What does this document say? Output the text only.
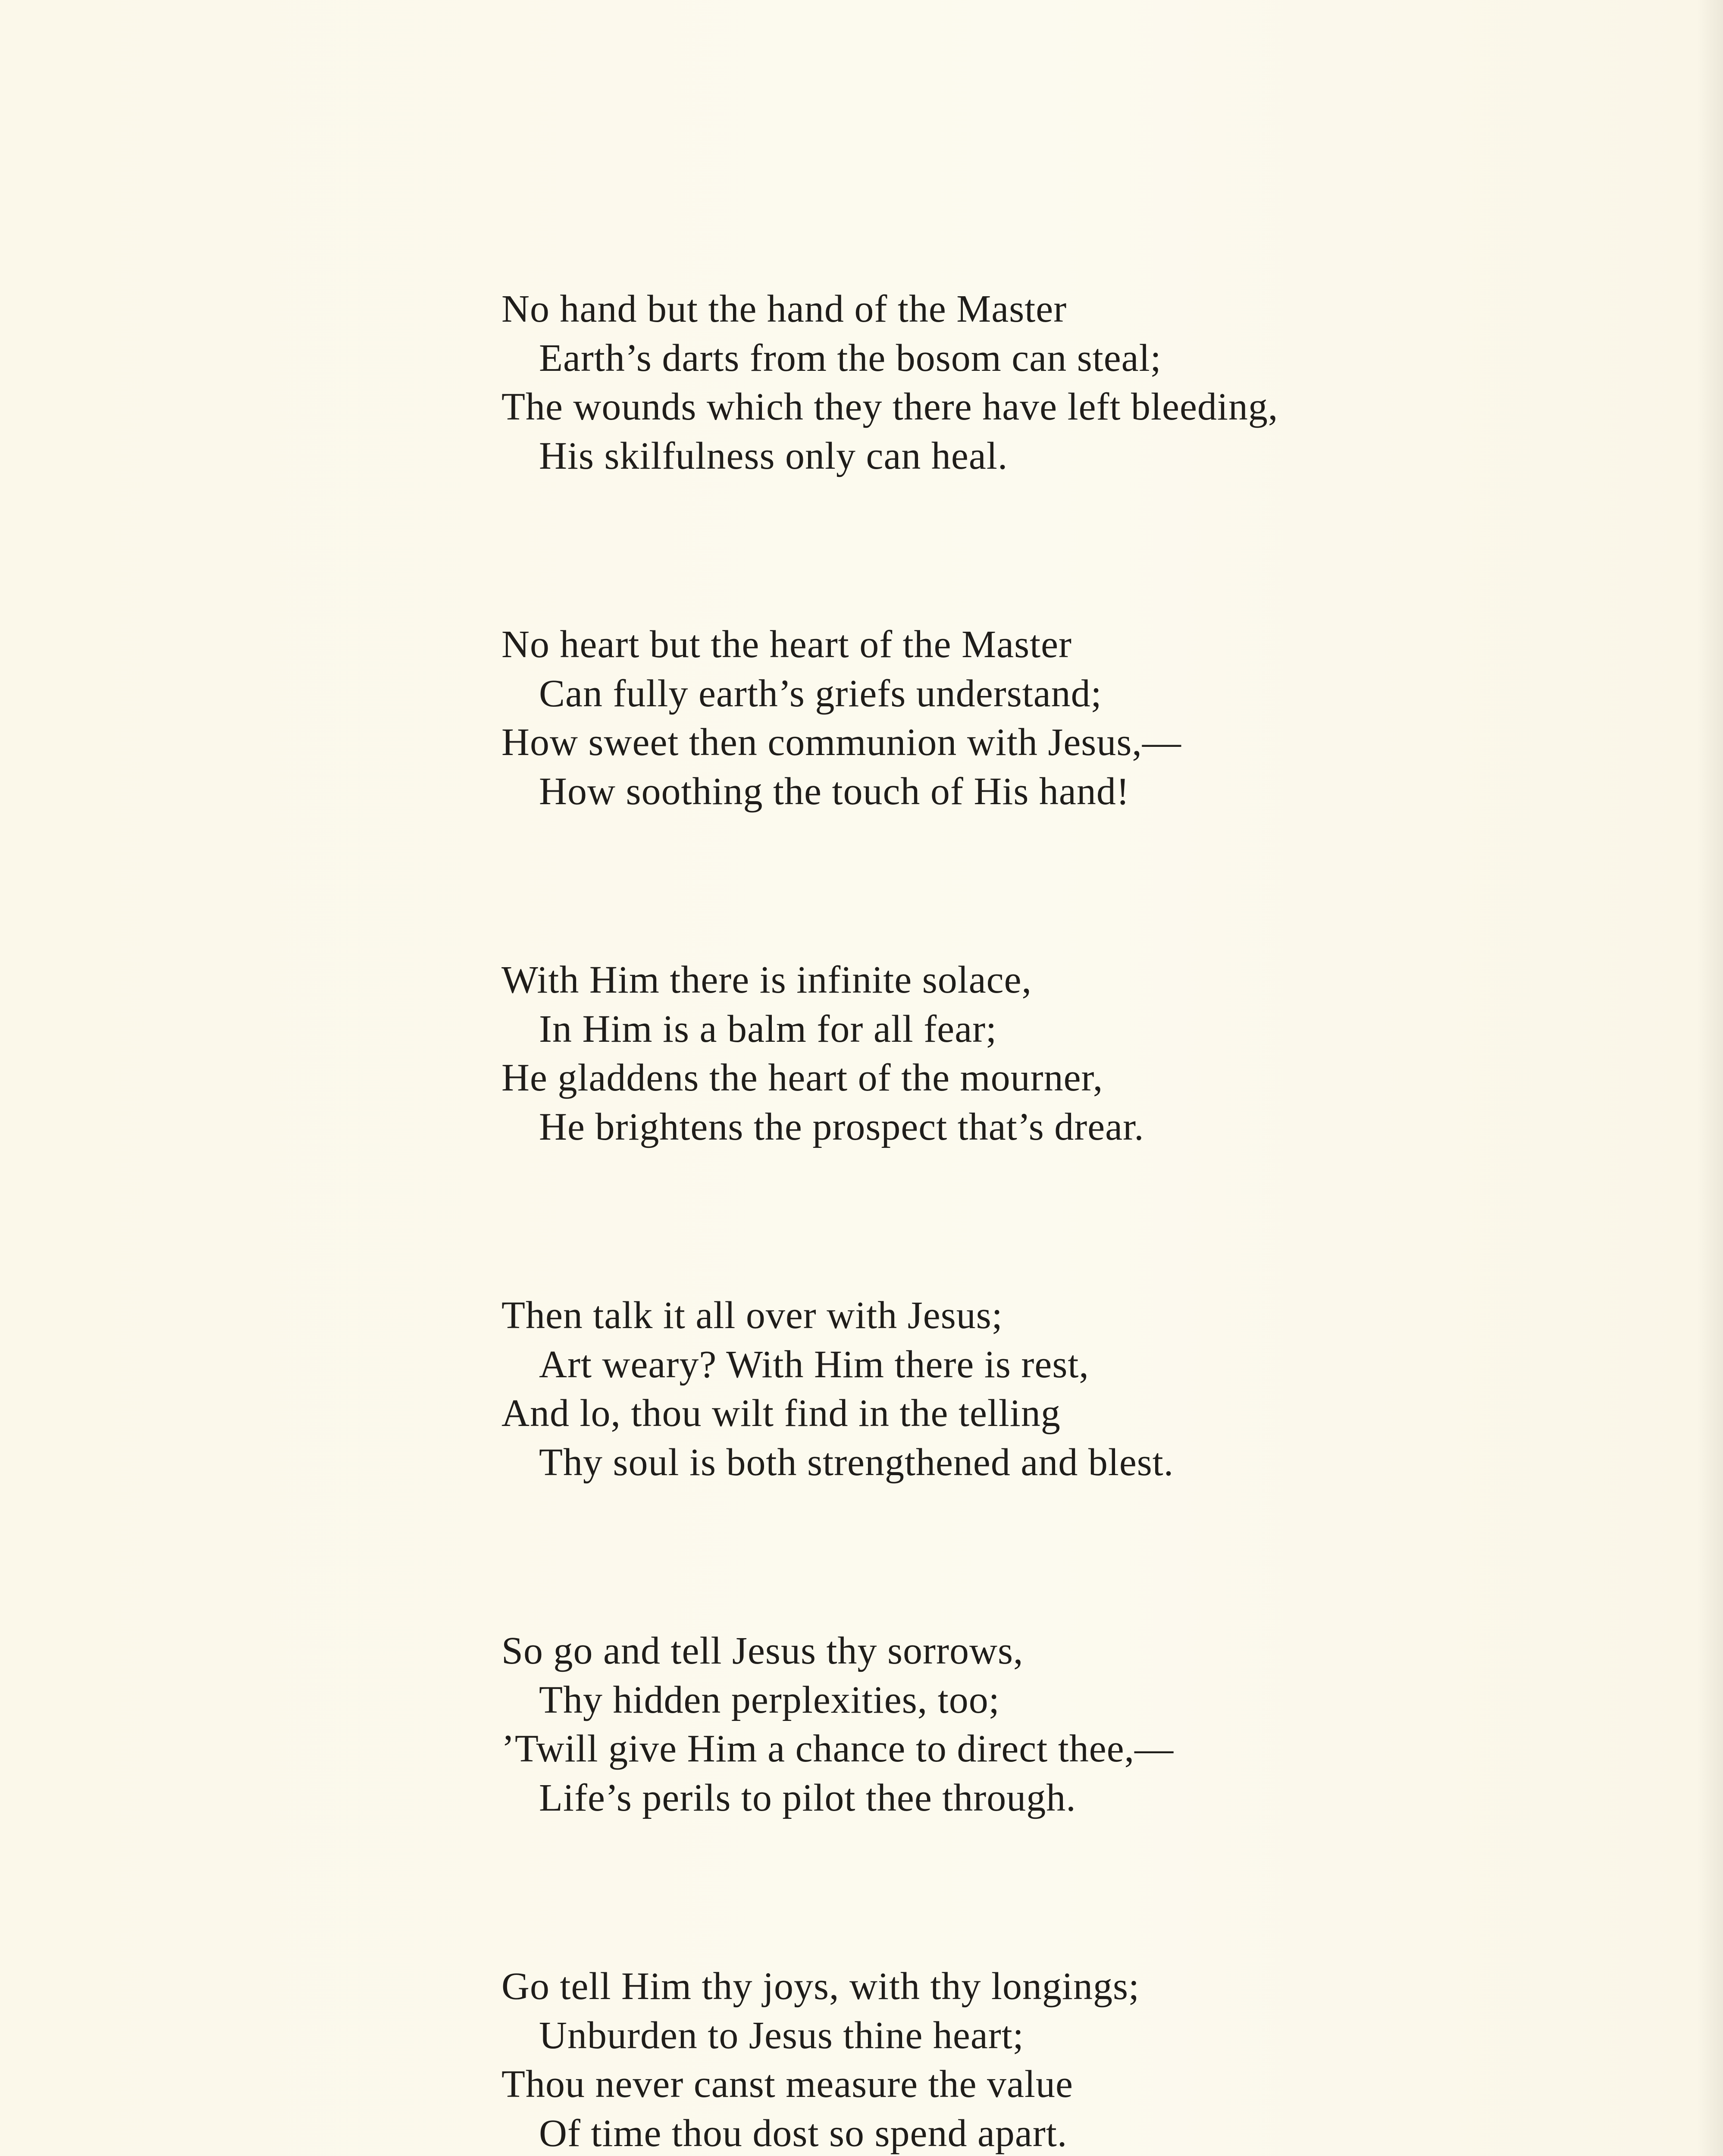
No hand but the hand of the Master
Earth’s darts from the bosom can steal;
The wounds which they there have left bleeding,
His skilfulness only can heal.
No heart but the heart of the Master
Can fully earth’s griefs understand;
How sweet then communion with Jesus,—
How soothing the touch of His hand!
With Him there is infinite solace,
In Him is a balm for all fear;
He gladdens the heart of the mourner,
He brightens the prospect that’s drear.
Then talk it all over with Jesus;
Art weary? With Him there is rest,
And lo, thou wilt find in the telling
Thy soul is both strengthened and blest.
So go and tell Jesus thy sorrows,
Thy hidden perplexities, too;
’Twill give Him a chance to direct thee,—
Life’s perils to pilot thee through.
Go tell Him thy joys, with thy longings;
Unburden to Jesus thine heart;
Thou never canst measure the value
Of time thou dost so spend apart.
